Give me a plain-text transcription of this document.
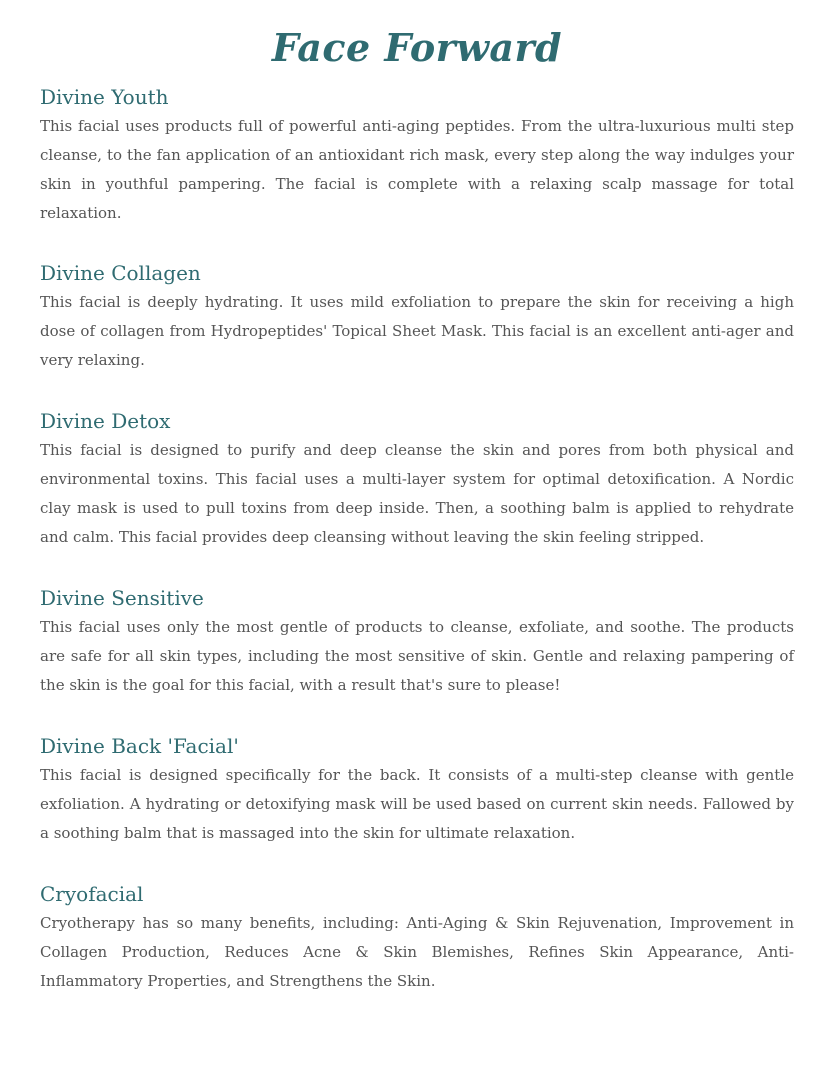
Face Forward
Divine Youth

This facial uses products full of powerful anti-aging peptides. From the ultra-luxurious multi step cleanse, to the fan application of an antioxidant rich mask, every step along the way indulges your skin in youthful pampering. The facial is complete with a relaxing scalp massage for total relaxation.

Divine Collagen

This facial is deeply hydrating. It uses mild exfoliation to prepare the skin for receiving a high dose of collagen from Hydropeptides' Topical Sheet Mask. This facial is an excellent anti-ager and very relaxing.

Divine Detox

This facial is designed to purify and deep cleanse the skin and pores from both physical and environmental toxins. This facial uses a multi-layer system for optimal detoxification. A Nordic clay mask is used to pull toxins from deep inside. Then, a soothing balm is applied to rehydrate and calm. This facial provides deep cleansing without leaving the skin feeling stripped.

Divine Sensitive

This facial uses only the most gentle of products to cleanse, exfoliate, and soothe. The products are safe for all skin types, including the most sensitive of skin. Gentle and relaxing pampering of the skin is the goal for this facial, with a result that's sure to please!

Divine Back 'Facial'

This facial is designed specifically for the back. It consists of a multi-step cleanse with gentle exfoliation. A hydrating or detoxifying mask will be used based on current skin needs. Fallowed by a soothing balm that is massaged into the skin for ultimate relaxation.

Cryofacial

Cryotherapy has so many benefits, including: Anti-Aging & Skin Rejuvenation, Improvement in Collagen Production, Reduces Acne & Skin Blemishes, Refines Skin Appearance, Anti-Inflammatory Properties, and Strengthens the Skin.
